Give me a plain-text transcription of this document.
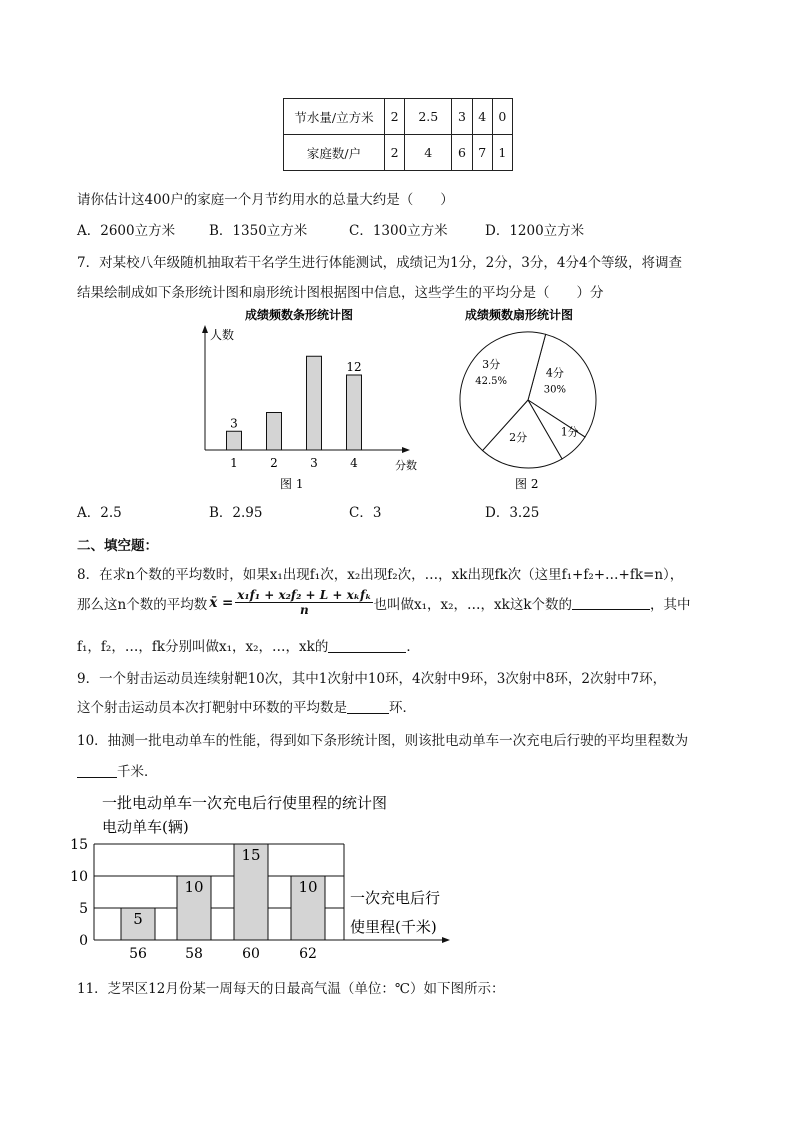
节水量/立方米	2	2.5	3	4	0
家庭数/户	2	4	6	7	1
请你估计这400户的家庭一个月节约用水的总量大约是（　　）
A．2600立方米	B．1350立方米	C．1300立方米	D．1200立方米
7．对某校八年级随机抽取若干名学生进行体能测试，成绩记为1分，2分，3分，4分4个等级，将调查
结果绘制成如下条形统计图和扇形统计图根据图中信息，这些学生的平均分是（　　）分
成绩频数条形统计图
人数
分数
1
3
2	3	4
12
图 1
成绩频数扇形统计图
4分
30%
1分
2分
3分
42.5%
图 2
A．2.5	B．2.95	C．3	D．3.25
二、填空题：
8．在求n个数的平均数时，如果x₁出现f₁次，x₂出现f₂次，…，xk出现fk次（这里f₁+f₂+…+fk=n），
那么这n个数的平均数 x̄ = $\frac{\text{x₁f₁ + x₂f₂ + L + xₖfₖ}}{n}$ 也叫做x₁，x₂，…，xk这k个数的	，其中
f₁，f₂，…，fk分别叫做x₁，x₂，…，xk的	．
9．一个射击运动员连续射靶10次，其中1次射中10环，4次射中9环，3次射中8环，2次射中7环，
这个射击运动员本次打靶射中环数的平均数是	环．
10．抽测一批电动单车的性能，得到如下条形统计图，则该批电动单车一次充电后行驶的平均里程数为
千米．
一批电动单车一次充电后行使里程的统计图
电动单车(辆)
0
5
10
15
5
56
10
58
15
60
10
62
一次充电后行
使里程(千米)
11．芝罘区12月份某一周每天的日最高气温（单位：℃）如下图所示：
